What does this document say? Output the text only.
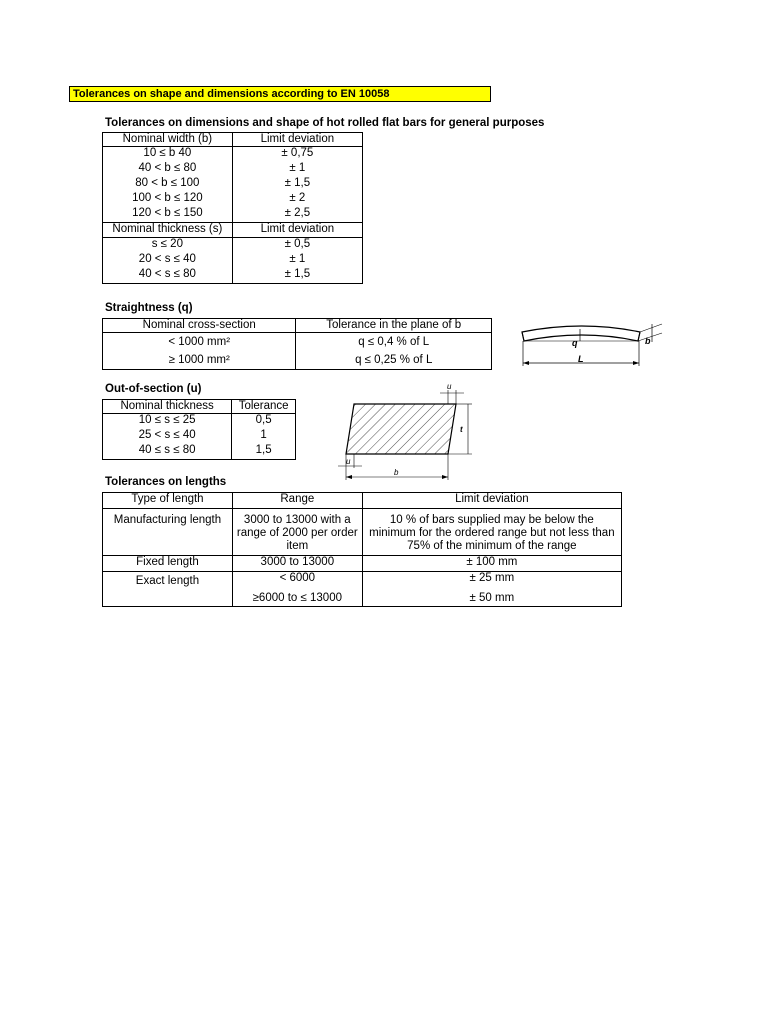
Tolerances on shape and dimensions according to EN 10058
Tolerances on dimensions and shape of hot rolled flat bars for general purposes
Nominal width (b)	Limit deviation
10 ≤ b 40	± 0,75
40 < b ≤ 80	± 1
80 < b ≤ 100	± 1,5
100 < b ≤ 120	± 2
120 < b ≤ 150	± 2,5
Nominal thickness (s)	Limit deviation
s ≤ 20	± 0,5
20 < s ≤ 40	± 1
40 < s ≤ 80	± 1,5
Straightness (q)
Nominal cross-section	Tolerance in the plane of b
< 1000 mm²	q ≤ 0,4 % of L
≥ 1000 mm²	q ≤ 0,25 % of L
q
L
b
Out-of-section (u)
Nominal thickness	Tolerance
10 ≤ s ≤ 25	0,5
25 < s ≤ 40	1
40 ≤ s ≤ 80	1,5
u
t
u
b
Tolerances on lengths
Type of length	Range	Limit deviation
Manufacturing length	3000 to 13000 with a range of 2000 per order item	10 % of bars supplied may be below the minimum for the ordered range but not less than 75% of the minimum of the range
Fixed length	3000 to 13000	± 100 mm
Exact length	< 6000	± 25 mm
	≥6000 to ≤ 13000	± 50 mm
